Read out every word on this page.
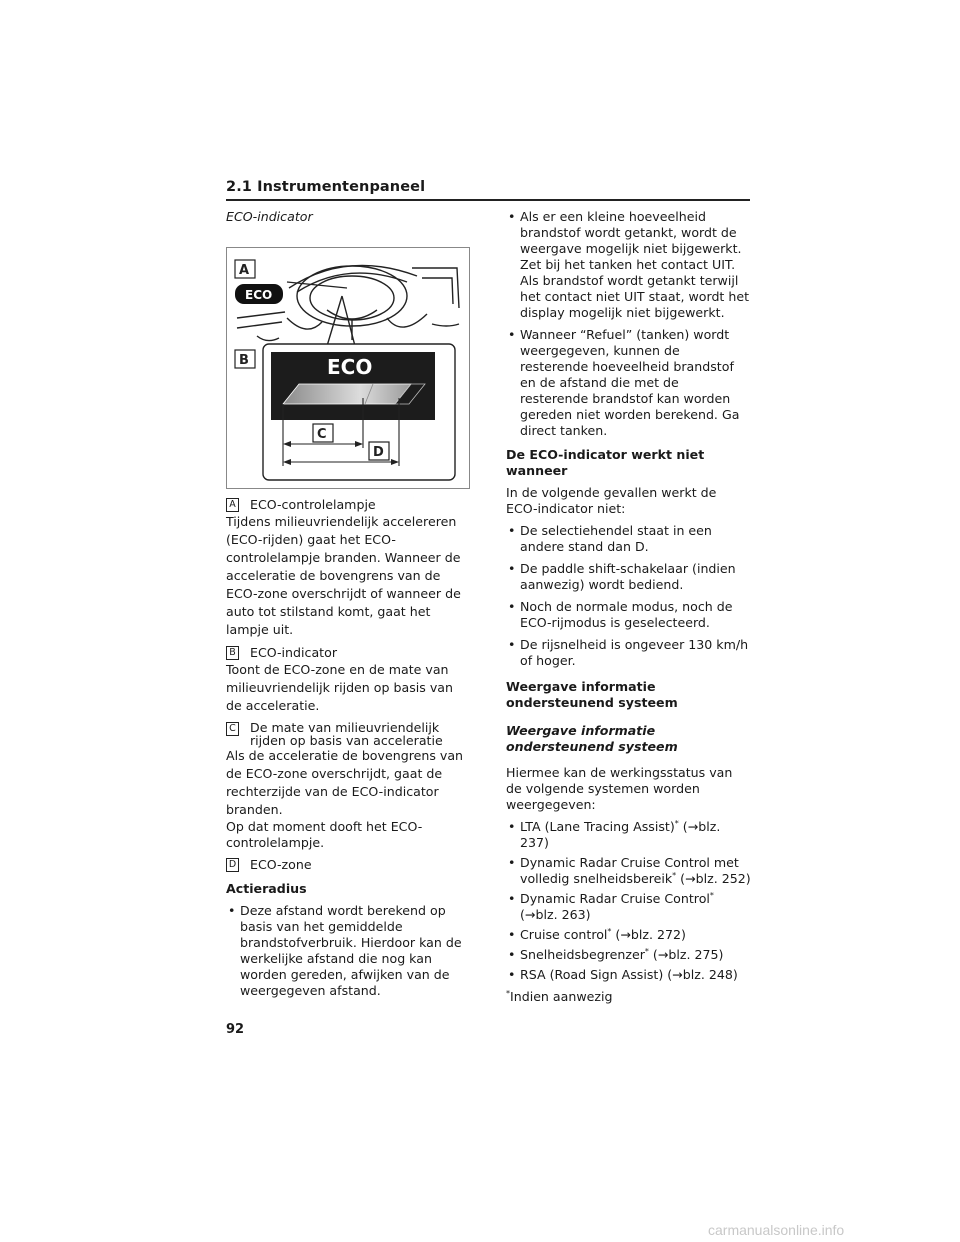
2.1 Instrumentenpaneel
ECO-indicator
A
ECO
B	ECO
C
D
A ECO-controlelampje
Tijdens milieuvriendelijk accelereren (ECO-rijden) gaat het ECO-controlelampje branden. Wanneer de acceleratie de bovengrens van de ECO-zone overschrijdt of wanneer de auto tot stilstand komt, gaat het lampje uit.
B ECO-indicator
Toont de ECO-zone en de mate van milieuvriendelijk rijden op basis van de acceleratie.
C De mate van milieuvriendelijk rijden op basis van acceleratie
Als de acceleratie de bovengrens van de ECO-zone overschrijdt, gaat de rechterzijde van de ECO-indicator branden.
Op dat moment dooft het ECO-controlelampje.
D ECO-zone
Actieradius
• Deze afstand wordt berekend op basis van het gemiddelde brandstofverbruik. Hierdoor kan de werkelijke afstand die nog kan worden gereden, afwijken van de weergegeven afstand.
• Als er een kleine hoeveelheid brandstof wordt getankt, wordt de weergave mogelijk niet bijgewerkt. Zet bij het tanken het contact UIT. Als brandstof wordt getankt terwijl het contact niet UIT staat, wordt het display mogelijk niet bijgewerkt.
• Wanneer “Refuel” (tanken) wordt weergegeven, kunnen de resterende hoeveelheid brandstof en de afstand die met de resterende brandstof kan worden gereden niet worden berekend. Ga direct tanken.
De ECO-indicator werkt niet wanneer
In de volgende gevallen werkt de ECO-indicator niet:
• De selectiehendel staat in een andere stand dan D.
• De paddle shift-schakelaar (indien aanwezig) wordt bediend.
• Noch de normale modus, noch de ECO-rijmodus is geselecteerd.
• De rijsnelheid is ongeveer 130 km/h of hoger.
Weergave informatie ondersteunend systeem
Weergave informatie ondersteunend systeem
Hiermee kan de werkingsstatus van de volgende systemen worden weergegeven:
• LTA (Lane Tracing Assist)* (→blz. 237)
• Dynamic Radar Cruise Control met volledig snelheidsbereik* (→blz. 252)
• Dynamic Radar Cruise Control* (→blz. 263)
• Cruise control* (→blz. 272)
• Snelheidsbegrenzer* (→blz. 275)
• RSA (Road Sign Assist) (→blz. 248)
*Indien aanwezig
92
carmanualsonline.info
